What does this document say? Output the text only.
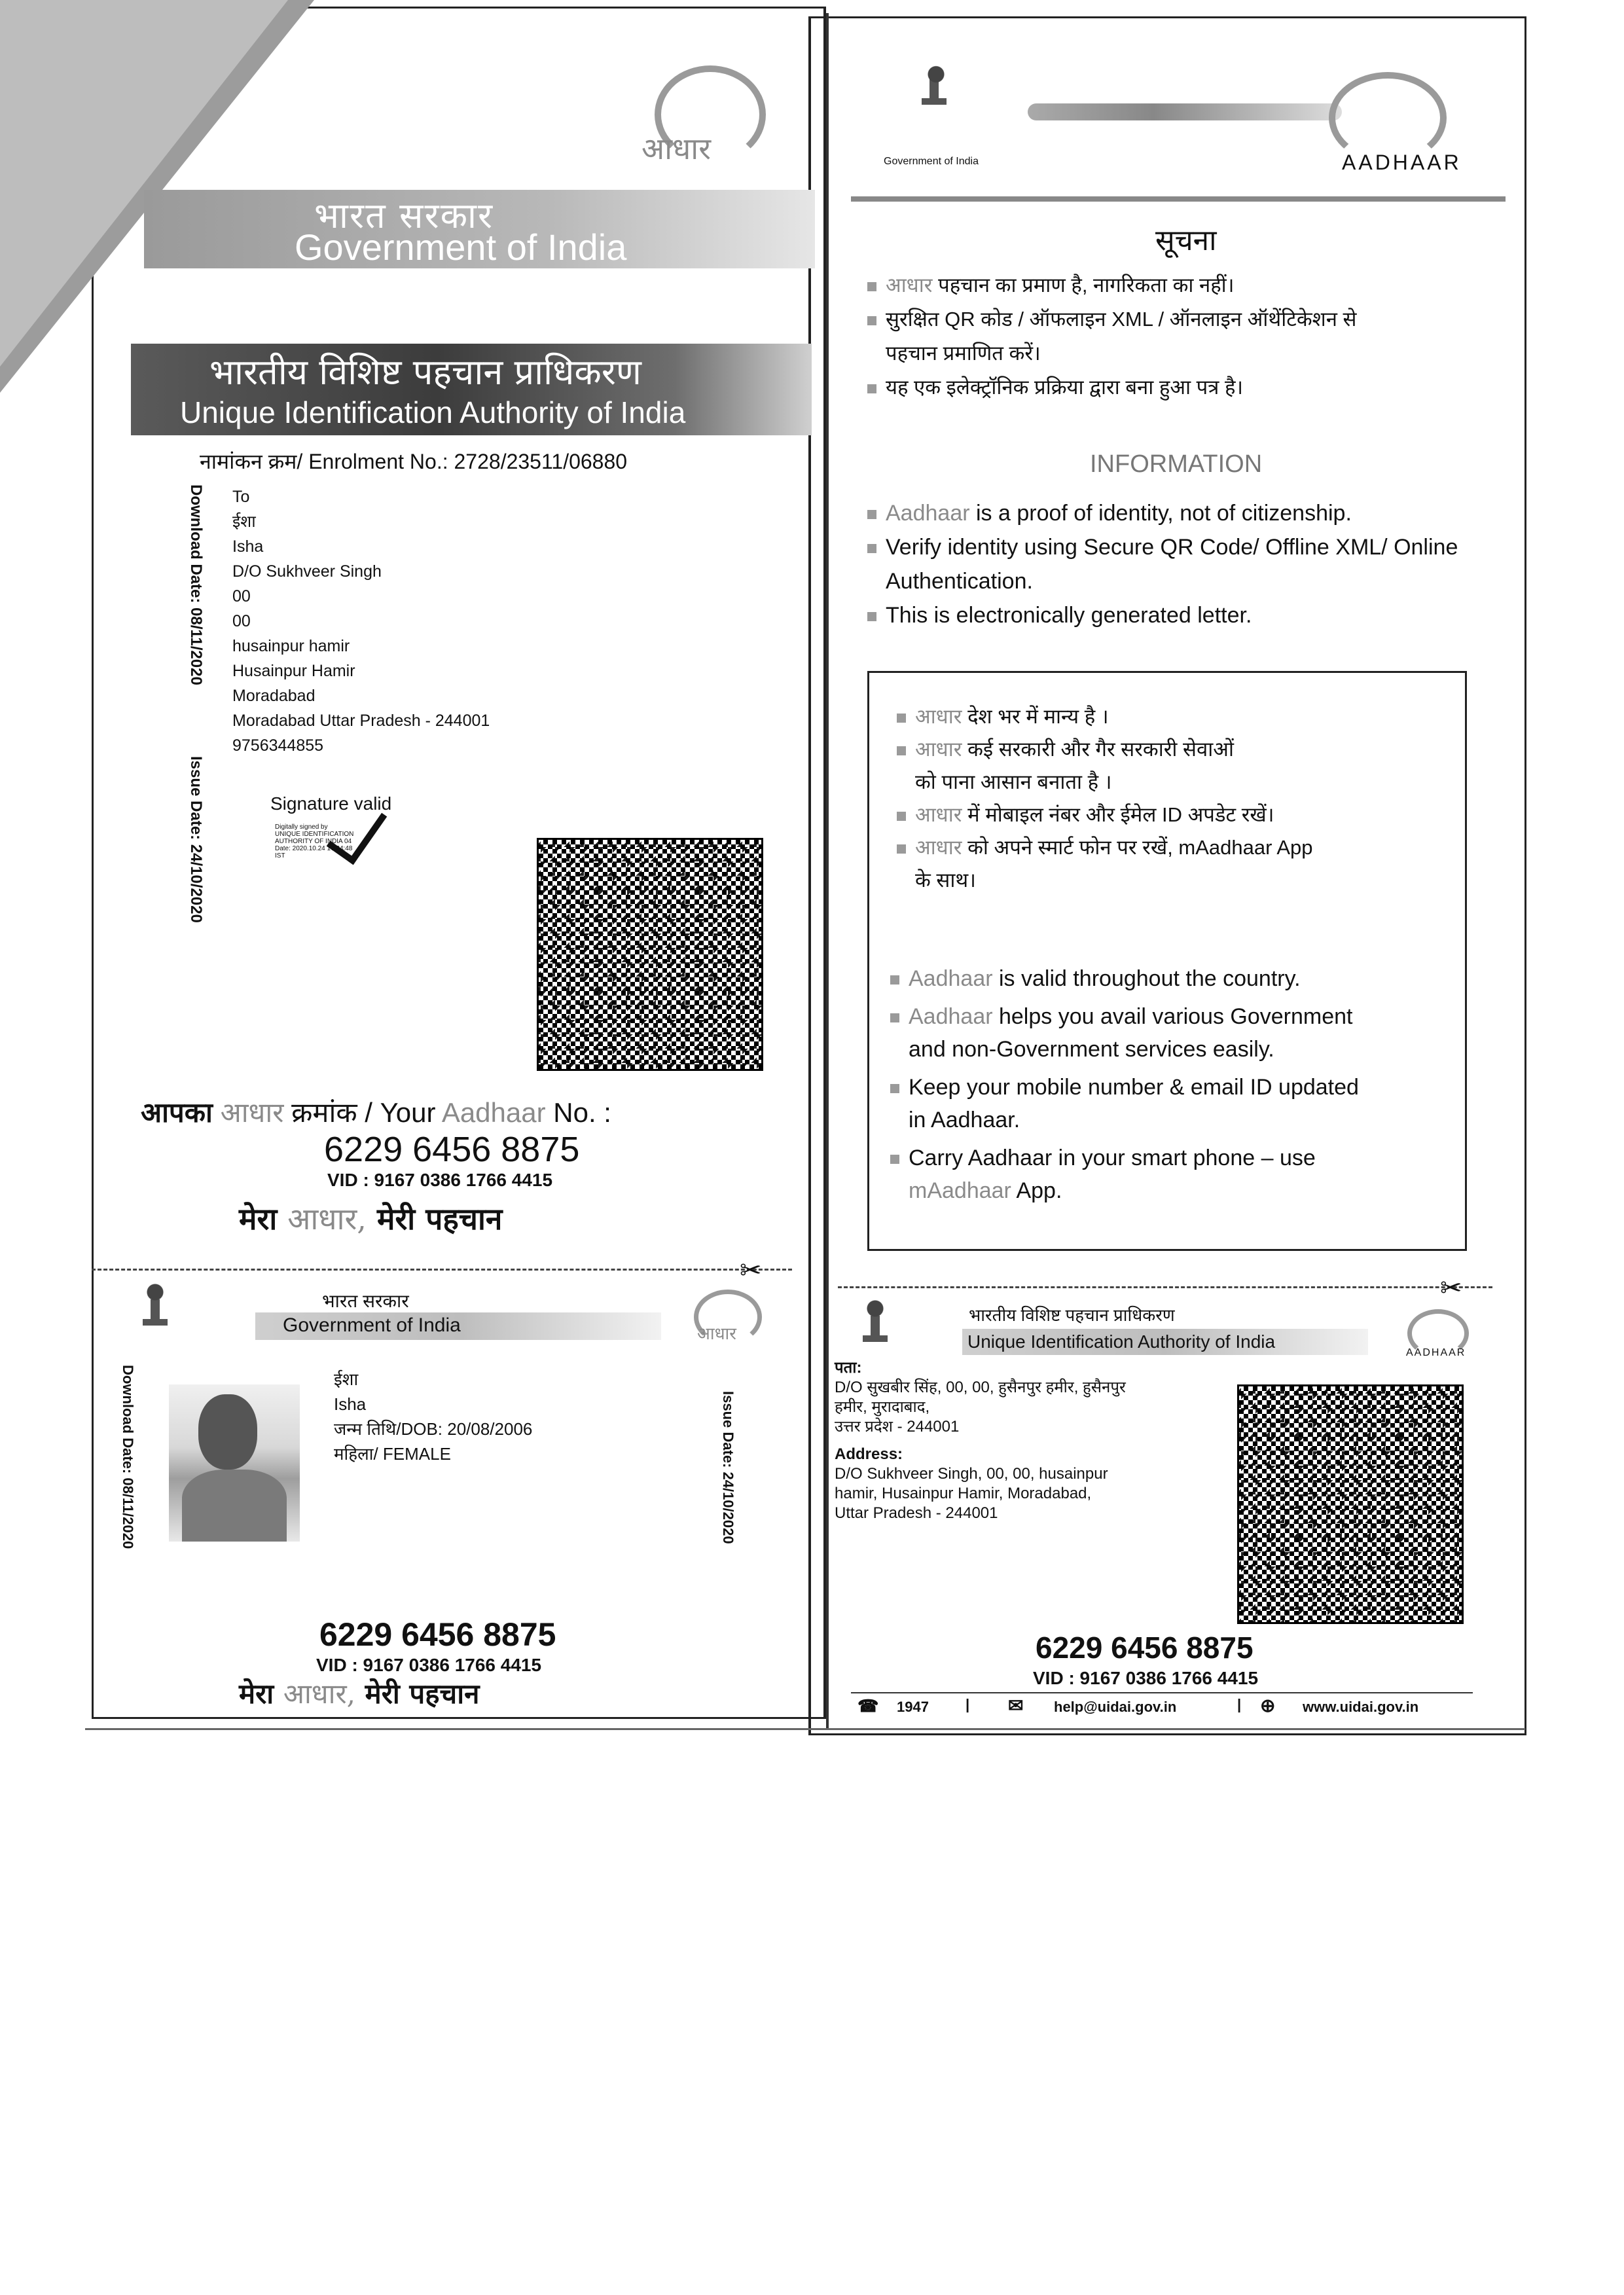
आधार
भारत सरकार
Government of India
भारतीय विशिष्ट पहचान प्राधिकरण
Unique Identification Authority of India
नामांकन क्रम/ Enrolment No.: 2728/23511/06880
Download Date: 08/11/2020
Issue Date: 24/10/2020
To
ईशा
Isha
D/O Sukhveer Singh
00
00
husainpur hamir
Husainpur Hamir
Moradabad
Moradabad Uttar Pradesh - 244001
9756344855
Signature valid
Digitally signed by
UNIQUE IDENTIFICATION
AUTHORITY OF INDIA 04
Date: 2020.10.24 17:24:48
IST
आपका आधार क्रमांक / Your Aadhaar No. :
6229 6456 8875
VID : 9167 0386 1766 4415
मेरा आधार, मेरी पहचान
✂
भारत सरकार
Government of India	आधार
Download Date: 08/11/2020	Issue Date: 24/10/2020
ईशा
Isha
जन्म तिथि/DOB: 20/08/2006
महिला/ FEMALE
6229 6456 8875
VID : 9167 0386 1766 4415
मेरा आधार, मेरी पहचान
Government of India	AADHAAR
सूचना
आधार पहचान का प्रमाण है, नागरिकता का नहीं।
सुरक्षित QR कोड / ऑफलाइन XML / ऑनलाइन ऑथेंटिकेशन से
पहचान प्रमाणित करें।
यह एक इलेक्ट्रॉनिक प्रक्रिया द्वारा बना हुआ पत्र है।
INFORMATION
Aadhaar is a proof of identity, not of citizenship.
Verify identity using Secure QR Code/ Offline XML/ Online
Authentication.
This is electronically generated letter.
आधार देश भर में मान्य है ।
आधार कई सरकारी और गैर सरकारी सेवाओं
को पाना आसान बनाता है ।
आधार में मोबाइल नंबर और ईमेल ID अपडेट रखें।
आधार को अपने स्मार्ट फोन पर रखें, mAadhaar App
के साथ।
Aadhaar is valid throughout the country.
Aadhaar helps you avail various Government
and non-Government services easily.
Keep your mobile number & email ID updated
in Aadhaar.
Carry Aadhaar in your smart phone – use
mAadhaar App.
✂
भारतीय विशिष्ट पहचान प्राधिकरण
Unique Identification Authority of India
AADHAAR
पता:
D/O सुखबीर सिंह, 00, 00, हुसैनपुर हमीर, हुसैनपुर
हमीर, मुरादाबाद,
उत्तर प्रदेश - 244001
Address:
D/O Sukhveer Singh, 00, 00, husainpur
hamir, Husainpur Hamir, Moradabad,
Uttar Pradesh - 244001
6229 6456 8875
VID : 9167 0386 1766 4415
☎ 1947	| ✉ help@uidai.gov.in	| ⊕ www.uidai.gov.in
